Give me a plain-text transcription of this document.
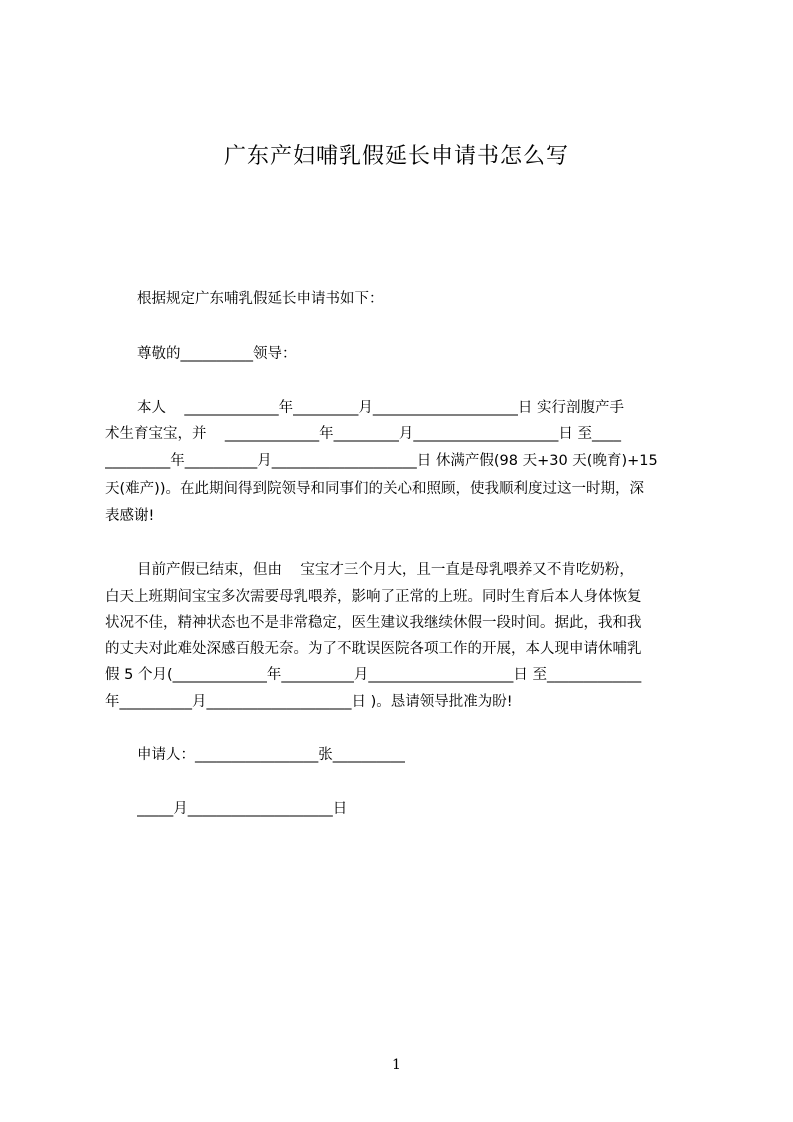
广东产妇哺乳假延长申请书怎么写
根据规定广东哺乳假延长申请书如下：
尊敬的__________领导：
本人    _____________年_________月____________________日 实行剖腹产手
术生育宝宝，并    _____________年_________月____________________日 至____
_________年__________月____________________日 休满产假(98 天+30 天(晚育)+15
天(难产))。在此期间得到院领导和同事们的关心和照顾，使我顺利度过这一时期，深
表感谢!
目前产假已结束，但由    宝宝才三个月大，且一直是母乳喂养又不肯吃奶粉，
白天上班期间宝宝多次需要母乳喂养，影响了正常的上班。同时生育后本人身体恢复
状况不佳，精神状态也不是非常稳定，医生建议我继续休假一段时间。据此，我和我
的丈夫对此难处深感百般无奈。为了不耽误医院各项工作的开展，本人现申请休哺乳
假 5 个月(_____________年__________月____________________日 至_____________
年__________月____________________日 )。恳请领导批准为盼!
申请人：_________________张__________
_____月____________________日
1
